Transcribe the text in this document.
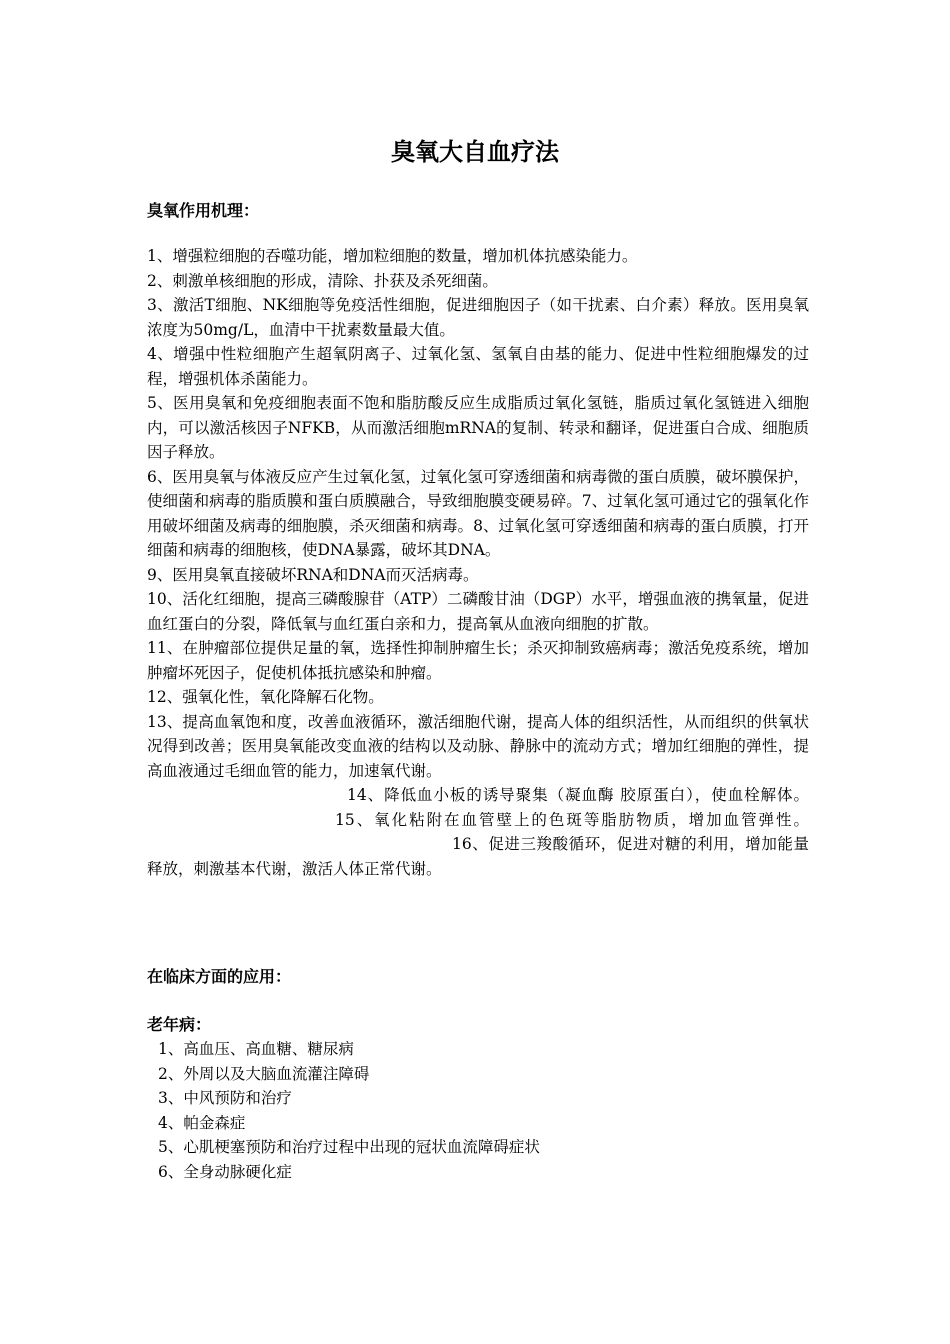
臭氧大自血疗法
臭氧作用机理：

1、增强粒细胞的吞噬功能，增加粒细胞的数量，增加机体抗感染能力。

2、刺激单核细胞的形成，清除、扑获及杀死细菌。

3、激活T细胞、NK细胞等免疫活性细胞，促进细胞因子（如干扰素、白介素）释放。医用臭氧浓度为50mg/L，血清中干扰素数量最大值。

4、增强中性粒细胞产生超氧阴离子、过氧化氢、氢氧自由基的能力、促进中性粒细胞爆发的过程，增强机体杀菌能力。

5、医用臭氧和免疫细胞表面不饱和脂肪酸反应生成脂质过氧化氢链，脂质过氧化氢链进入细胞内，可以激活核因子NFKB，从而激活细胞mRNA的复制、转录和翻译，促进蛋白合成、细胞质因子释放。

6、医用臭氧与体液反应产生过氧化氢，过氧化氢可穿透细菌和病毒微的蛋白质膜，破坏膜保护，使细菌和病毒的脂质膜和蛋白质膜融合，导致细胞膜变硬易碎。7、过氧化氢可通过它的强氧化作用破坏细菌及病毒的细胞膜，杀灭细菌和病毒。8、过氧化氢可穿透细菌和病毒的蛋白质膜，打开细菌和病毒的细胞核，使DNA暴露，破坏其DNA。

9、医用臭氧直接破坏RNA和DNA而灭活病毒。

10、活化红细胞，提高三磷酸腺苷（ATP）二磷酸甘油（DGP）水平，增强血液的携氧量，促进血红蛋白的分裂，降低氧与血红蛋白亲和力，提高氧从血液向细胞的扩散。

11、在肿瘤部位提供足量的氧，选择性抑制肿瘤生长；杀灭抑制致癌病毒；激活免疫系统，增加肿瘤坏死因子，促使机体抵抗感染和肿瘤。

12、强氧化性，氧化降解石化物。

13、提高血氧饱和度，改善血液循环，激活细胞代谢，提高人体的组织活性，从而组织的供氧状况得到改善；医用臭氧能改变血液的结构以及动脉、静脉中的流动方式；增加红细胞的弹性，提高血液通过毛细血管的能力，加速氧代谢。

14、降低血小板的诱导聚集（凝血酶 胶原蛋白），使血栓解体。15、氧化粘附在血管壁上的色斑等脂肪物质，增加血管弹性。16、促进三羧酸循环，促进对糖的利用，增加能量释放，刺激基本代谢，激活人体正常代谢。

在临床方面的应用：
老年病：

1、高血压、高血糖、糖尿病

2、外周以及大脑血流灌注障碍

3、中风预防和治疗

4、帕金森症

5、心肌梗塞预防和治疗过程中出现的冠状血流障碍症状

6、全身动脉硬化症
